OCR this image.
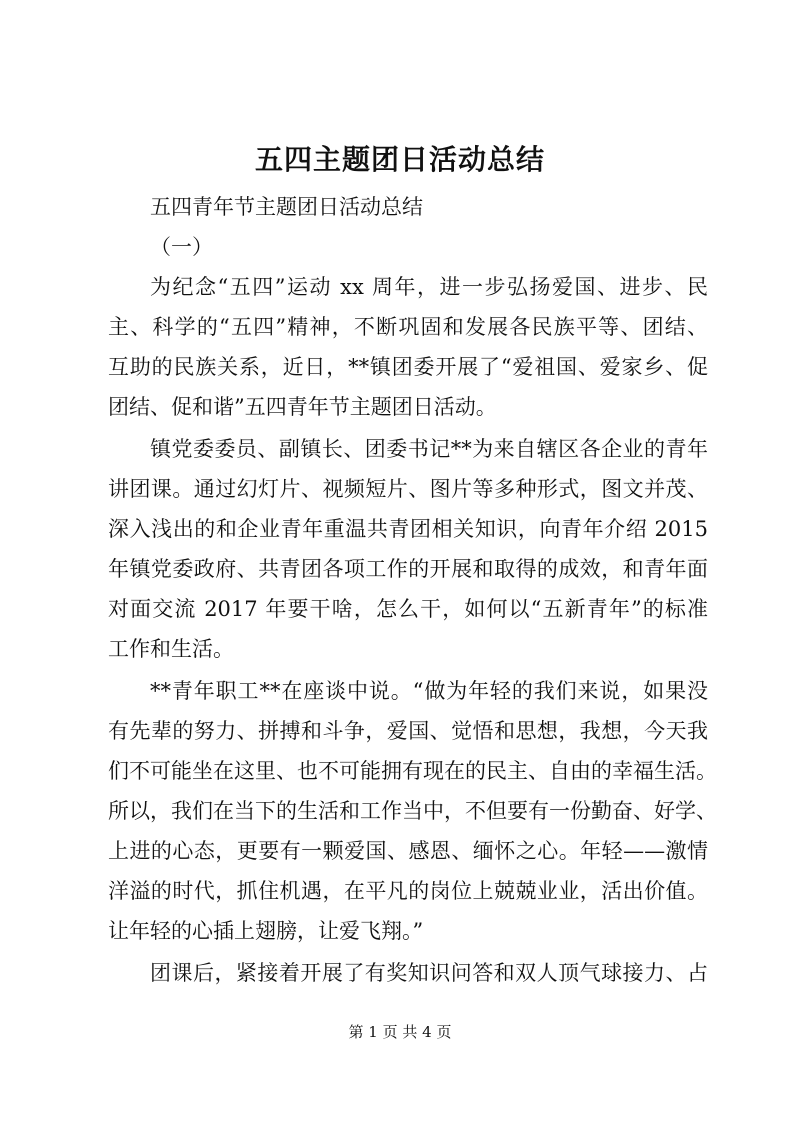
五四主题团日活动总结
五四青年节主题团日活动总结
（一）
为纪念“五四”运动 xx 周年，进一步弘扬爱国、进步、民
主、科学的“五四”精神，不断巩固和发展各民族平等、团结、
互助的民族关系，近日，**镇团委开展了“爱祖国、爱家乡、促
团结、促和谐”五四青年节主题团日活动。
镇党委委员、副镇长、团委书记**为来自辖区各企业的青年
讲团课。通过幻灯片、视频短片、图片等多种形式，图文并茂、
深入浅出的和企业青年重温共青团相关知识，向青年介绍 2015
年镇党委政府、共青团各项工作的开展和取得的成效，和青年面
对面交流 2017 年要干啥，怎么干，如何以“五新青年”的标准
工作和生活。
**青年职工**在座谈中说。“做为年轻的我们来说，如果没
有先辈的努力、拼搏和斗争，爱国、觉悟和思想，我想，今天我
们不可能坐在这里、也不可能拥有现在的民主、自由的幸福生活。
所以，我们在当下的生活和工作当中，不但要有一份勤奋、好学、
上进的心态，更要有一颗爱国、感恩、缅怀之心。年轻——激情
洋溢的时代，抓住机遇，在平凡的岗位上兢兢业业，活出价值。
让年轻的心插上翅膀，让爱飞翔。”
团课后，紧接着开展了有奖知识问答和双人顶气球接力、占
第 1 页 共 4 页
